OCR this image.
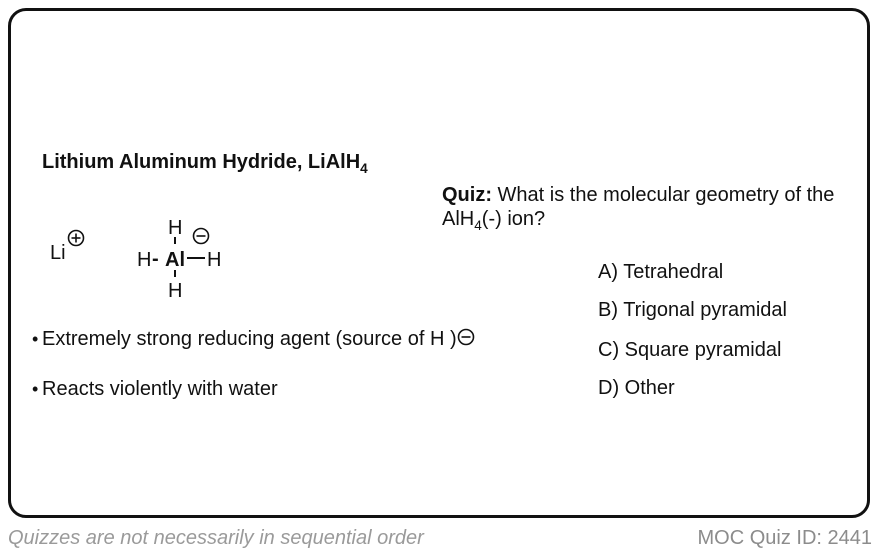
Lithium Aluminum Hydride, LiAlH$_4$
Li
H
H - Al H
H
• Extremely strong reducing agent (source of H
)
• Reacts violently with water
Quiz: What is the molecular geometry of the AlH$_4$(-) ion?
A) Tetrahedral
B) Trigonal pyramidal
C) Square pyramidal
D) Other
Quizzes are not necessarily in sequential order	MOC Quiz ID: 2441
